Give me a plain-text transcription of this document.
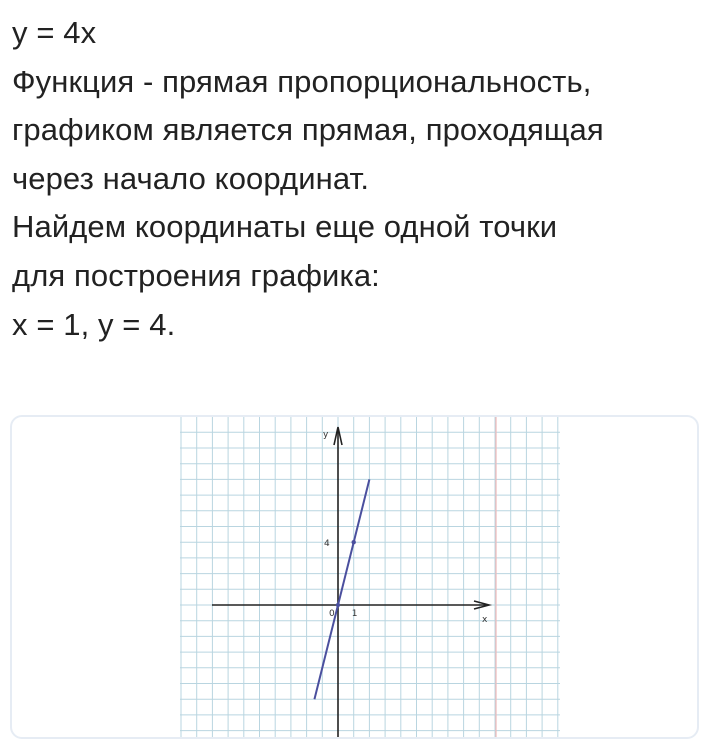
y = 4x
Функция - прямая пропорциональность,
графиком является прямая, проходящая
через начало координат.
Найдем координаты еще одной точки
для построения графика:
x = 1, y = 4.
x
y
0 1
4
